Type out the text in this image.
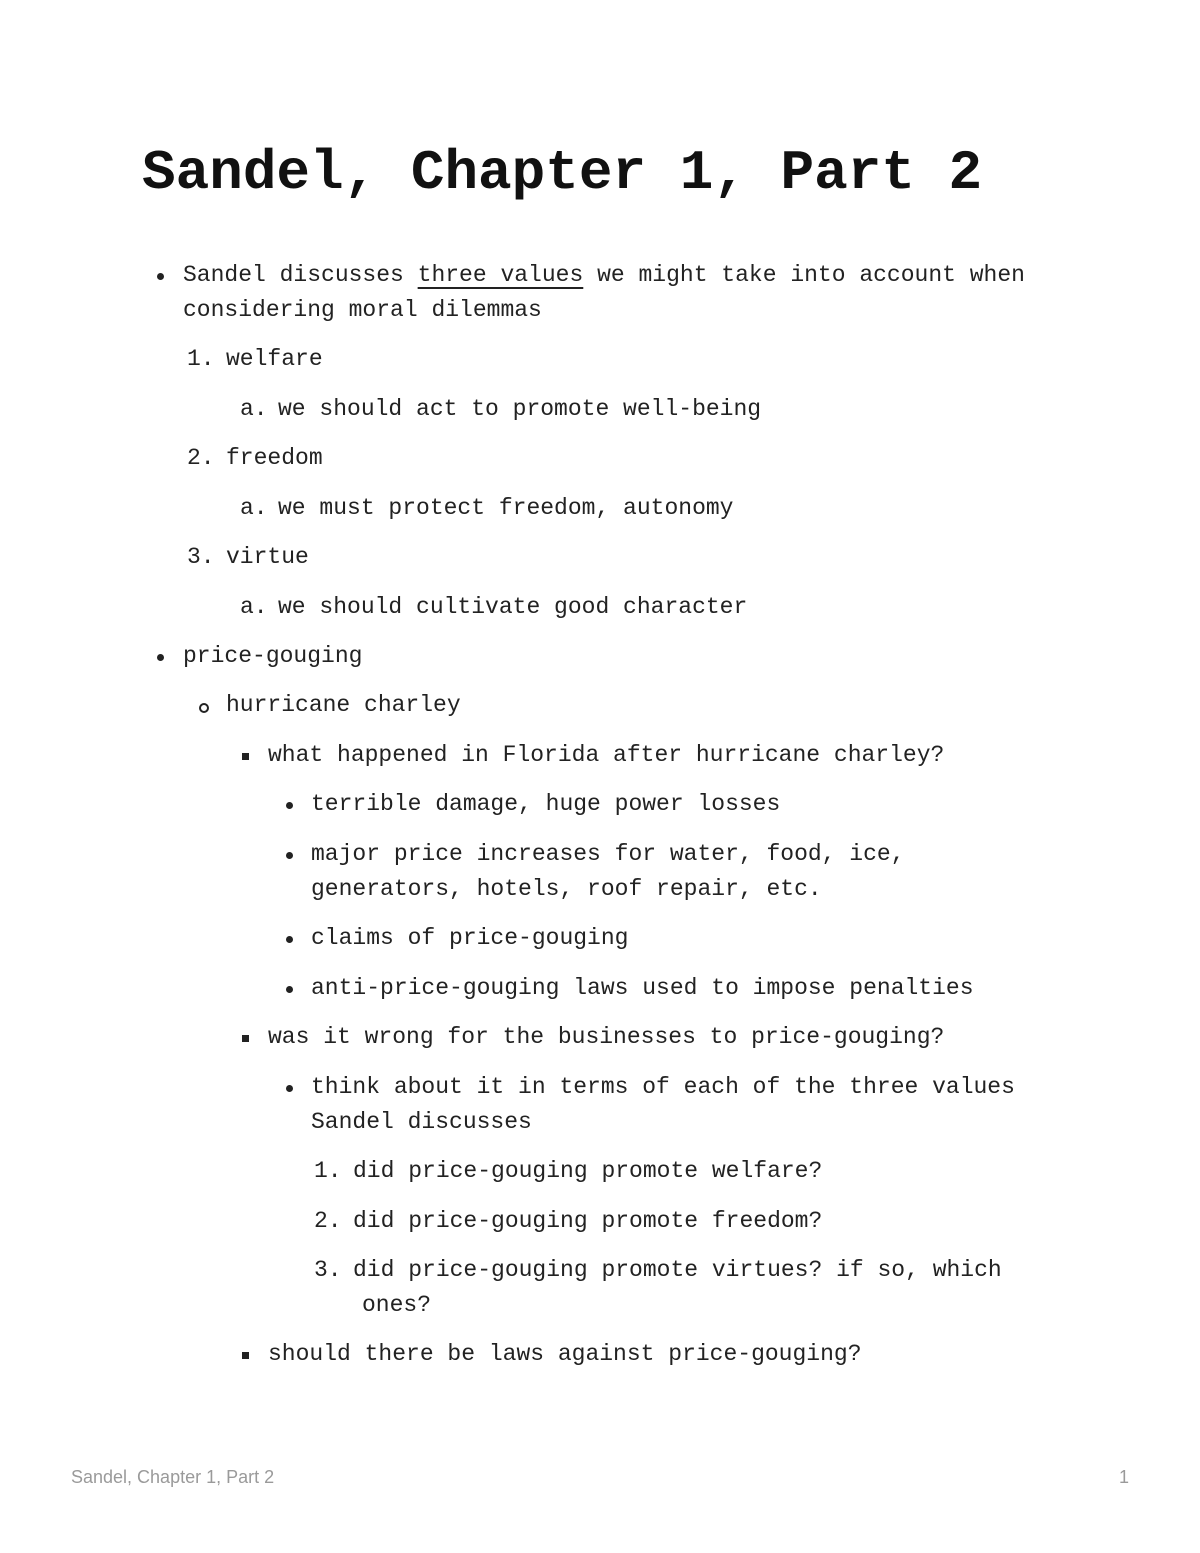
Sandel, Chapter 1, Part 2
Sandel discusses three values we might take into account when
considering moral dilemmas
1. welfare
a. we should act to promote well-being
2. freedom
a. we must protect freedom, autonomy
3. virtue
a. we should cultivate good character
price-gouging
hurricane charley
what happened in Florida after hurricane charley?
terrible damage, huge power losses
major price increases for water, food, ice,
generators, hotels, roof repair, etc.
claims of price-gouging
anti-price-gouging laws used to impose penalties
was it wrong for the businesses to price-gouging?
think about it in terms of each of the three values
Sandel discusses
1. did price-gouging promote welfare?
2. did price-gouging promote freedom?
3. did price-gouging promote virtues? if so, which
ones?
should there be laws against price-gouging?
Sandel, Chapter 1, Part 2	1
